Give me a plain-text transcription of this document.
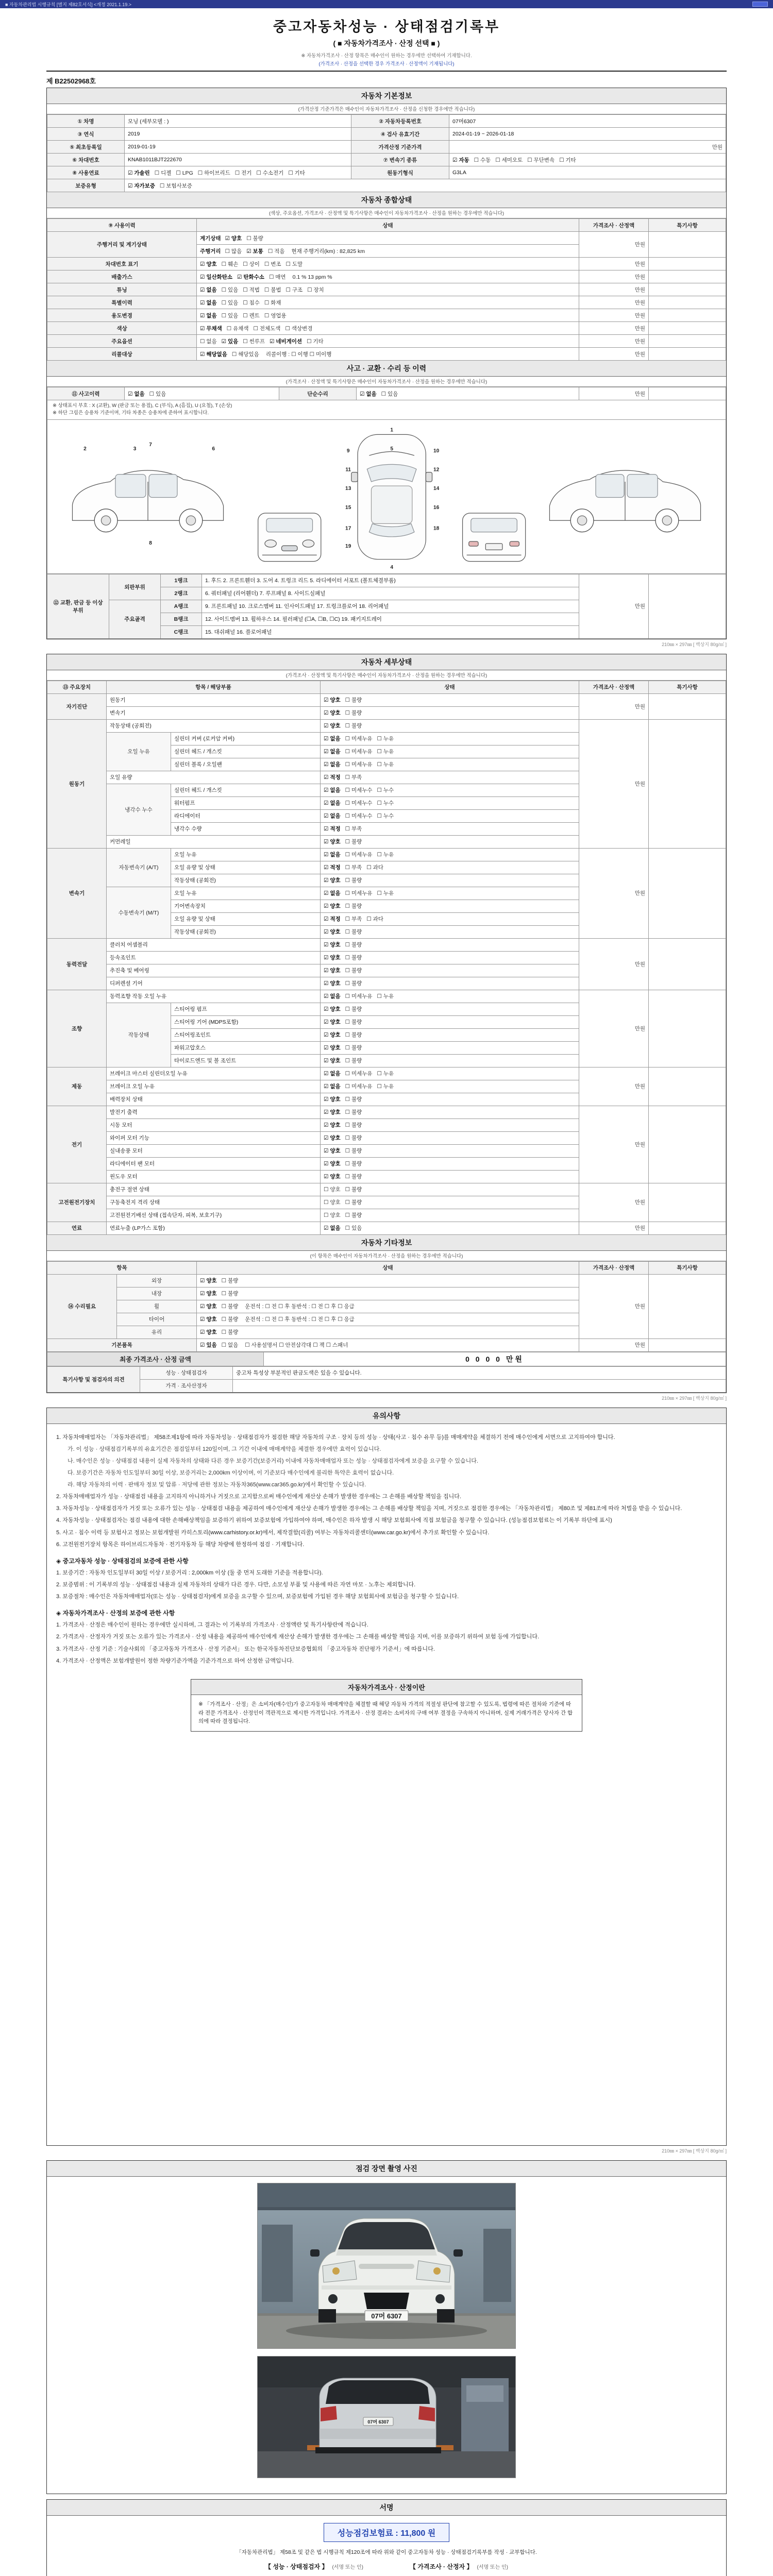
■ 자동차관리법 시행규칙 [별지 제82호서식] <개정 2021.1.19.>
중고자동차성능 · 상태점검기록부
( ■ 자동차가격조사 · 산정 선택 ■ )
※ 자동차가격조사 · 산정 항목은 매수인이 원하는 경우에만 선택하여 기재합니다.
(가격조사 · 산정을 선택한 경우 가격조사 · 산정액이 기재됩니다)
제 B22502968호
자동차 기본정보
(가격산정 기준가격은 매수인이 자동차가격조사 · 산정을 신청한 경우에만 적습니다)
① 차명	모닝 (세부모델 : )	② 자동차등록번호	07머6307
③ 연식	2019	④ 검사 유효기간	2024-01-19 ~ 2026-01-18
⑤ 최초등록일	2019-01-19	가격산정 기준가격	만원
⑥ 차대번호	KNAB1011BJT222670	⑦ 변속기 종류	☑ 자동 ☐ 수동 ☐ 세미오토 ☐ 무단변속 ☐ 기타
⑧ 사용연료	☑ 가솔린 ☐ 디젤 ☐ LPG ☐ 하이브리드 ☐ 전기 ☐ 수소전기 ☐ 기타	원동기형식	G3LA
보증유형	☑ 자가보증 ☐ 보험사보증		
자동차 종합상태
(색상, 주요옵션, 가격조사 · 산정액 및 특기사항은 매수인이 자동차가격조사 · 산정을 원하는 경우에만 적습니다)
⑨ 사용이력	상태	가격조사 · 산정액	특기사항
주행거리 및 계기상태	계기상태 ☑ 양호 ☐ 불량	만원	
	주행거리 ☐ 많음 ☑ 보통 ☐ 적음 현재 주행거리(km) : 82,825 km		
차대번호 표기	☑ 양호 ☐ 훼손 ☐ 상이 ☐ 변조 ☐ 도말	만원	
배출가스	☑ 일산화탄소 ☑ 탄화수소 ☐ 매연 0.1 % 13 ppm %	만원	
튜닝	☑ 없음 ☐ 있음 ☐ 적법 ☐ 불법 ☐ 구조 ☐ 장치	만원	
특별이력	☑ 없음 ☐ 있음 ☐ 침수 ☐ 화재	만원	
용도변경	☑ 없음 ☐ 있음 ☐ 렌트 ☐ 영업용	만원	
색상	☑ 무채색 ☐ 유채색 ☐ 전체도색 ☐ 색상변경	만원	
주요옵션	☐ 없음 ☑ 있음 ☐ 썬루프 ☑ 네비게이션 ☐ 기타	만원	
리콜대상	☑ 해당없음 ☐ 해당있음 리콜이행 : ☐ 이행 ☐ 미이행	만원	
사고 · 교환 · 수리 등 이력
(가격조사 · 산정액 및 특기사항은 매수인이 자동차가격조사 · 산정을 원하는 경우에만 적습니다)
⑪ 사고이력	☑ 없음 ☐ 있음	단순수리	☑ 없음 ☐ 있음	만원	
※ 상태표시 부호 : X (교환), W (판금 또는 용접), C (부식), A (흠집), U (요철), T (손상)
※ 하단 그림은 승용차 기준이며, 기타 차종은 승용차에 준하여 표시합니다.
2	3	6
7
8
1
5
9	10
11	12
13	14
15	16
17	18
19
4
⑫ 교환, 판금 등 이상 부위	외판부위	1랭크	1. 후드 2. 프론트휀더 3. 도어 4. 트렁크 리드 5. 라디에이터 서포트 (볼트체결부품)	만원	
		2랭크	6. 쿼터패널 (리어휀더) 7. 루프패널 8. 사이드실패널		
	주요골격	A랭크	9. 프론트패널 10. 크로스멤버 11. 인사이드패널 17. 트렁크플로어 18. 리어패널		
		B랭크	12. 사이드멤버 13. 휠하우스 14. 필러패널 (☐A, ☐B, ☐C) 19. 패키지트레이		
		C랭크	15. 대쉬패널 16. 플로어패널		
210㎜ × 297㎜ [ 백상지 80g/㎡ ]
자동차 세부상태
(가격조사 · 산정액 및 특기사항은 매수인이 자동차가격조사 · 산정을 원하는 경우에만 적습니다)
⑬ 주요장치	항목 / 해당부품		상태	가격조사 · 산정액	특기사항
자기진단	원동기		☑ 양호 ☐ 불량	만원	
	변속기		☑ 양호 ☐ 불량		
원동기	작동상태 (공회전)		☑ 양호 ☐ 불량	만원	
	오일 누유	실린더 커버 (로커암 커버)	☑ 없음 ☐ 미세누유 ☐ 누유		
		실린더 헤드 / 개스킷	☑ 없음 ☐ 미세누유 ☐ 누유		
		실린더 블록 / 오일팬	☑ 없음 ☐ 미세누유 ☐ 누유		
	오일 유량		☑ 적정 ☐ 부족		
	냉각수 누수	실린더 헤드 / 개스킷	☑ 없음 ☐ 미세누수 ☐ 누수		
		워터펌프	☑ 없음 ☐ 미세누수 ☐ 누수		
		라디에이터	☑ 없음 ☐ 미세누수 ☐ 누수		
		냉각수 수량	☑ 적정 ☐ 부족		
	커먼레일		☑ 양호 ☐ 불량		
변속기	자동변속기 (A/T)	오일 누유	☑ 없음 ☐ 미세누유 ☐ 누유	만원	
		오일 유량 및 상태	☑ 적정 ☐ 부족 ☐ 과다		
		작동상태 (공회전)	☑ 양호 ☐ 불량		
	수동변속기 (M/T)	오일 누유	☑ 없음 ☐ 미세누유 ☐ 누유		
		기어변속장치	☑ 양호 ☐ 불량		
		오일 유량 및 상태	☑ 적정 ☐ 부족 ☐ 과다		
		작동상태 (공회전)	☑ 양호 ☐ 불량		
동력전달	클러치 어셈블리		☑ 양호 ☐ 불량	만원	
	등속조인트		☑ 양호 ☐ 불량		
	추진축 및 베어링		☑ 양호 ☐ 불량		
	디퍼렌셜 기어		☑ 양호 ☐ 불량		
조향	동력조향 작동 오일 누유		☑ 없음 ☐ 미세누유 ☐ 누유	만원	
	작동상태	스티어링 펌프	☑ 양호 ☐ 불량		
		스티어링 기어 (MDPS포함)	☑ 양호 ☐ 불량		
		스티어링조인트	☑ 양호 ☐ 불량		
		파워고압호스	☑ 양호 ☐ 불량		
		타이로드엔드 및 볼 조인트	☑ 양호 ☐ 불량		
제동	브레이크 마스터 실린더오일 누유		☑ 없음 ☐ 미세누유 ☐ 누유	만원	
	브레이크 오일 누유		☑ 없음 ☐ 미세누유 ☐ 누유		
	배력장치 상태		☑ 양호 ☐ 불량		
전기	발전기 출력		☑ 양호 ☐ 불량	만원	
	시동 모터		☑ 양호 ☐ 불량		
	와이퍼 모터 기능		☑ 양호 ☐ 불량		
	실내송풍 모터		☑ 양호 ☐ 불량		
	라디에이터 팬 모터		☑ 양호 ☐ 불량		
	윈도우 모터		☑ 양호 ☐ 불량		
고전원전기장치	충전구 절연 상태		☐ 양호 ☐ 불량	만원	
	구동축전지 격리 상태		☐ 양호 ☐ 불량		
	고전원전기배선 상태 (접속단자, 피복, 보호기구)		☐ 양호 ☐ 불량		
연료	연료누출 (LP가스 포함)		☑ 없음 ☐ 있음	만원	
자동차 기타정보
(이 항목은 매수인이 자동차가격조사 · 산정을 원하는 경우에만 적습니다)
항목		상태	가격조사 · 산정액	특기사항
⑭ 수리필요	외장	☑ 양호 ☐ 불량	만원	
	내장	☑ 양호 ☐ 불량		
	휠	☑ 양호 ☐ 불량 운전석 : ☐ 전 ☐ 후 동반석 : ☐ 전 ☐ 후 ☐ 응급		
	타이어	☑ 양호 ☐ 불량 운전석 : ☐ 전 ☐ 후 동반석 : ☐ 전 ☐ 후 ☐ 응급		
	유리	☑ 양호 ☐ 불량		
기본품목		☑ 있음 ☐ 없음 ☐ 사용설명서 ☐ 안전삼각대 ☐ 잭 ☐ 스패너	만원	
최종 가격조사 · 산정 금액	0 0 0 0 만원
특기사항 및 점검자의 의견	성능 · 상태점검자	중고차 특성상 부분적인 판금도색은 있을 수 있습니다.
	가격 · 조사산정자	
210㎜ × 297㎜ [ 백상지 80g/㎡ ]
유의사항
1. 자동차매매업자는 「자동차관리법」 제58조제1항에 따라 자동차성능 · 상태점검자가 점검한 해당 자동차의 구조 · 장치 등의 성능 · 상태(사고 · 침수 유무 등)를 매매계약을 체결하기 전에 매수인에게 서면으로 고지하여야 합니다.
가. 이 성능 · 상태점검기록부의 유효기간은 점검일부터 120일이며, 그 기간 이내에 매매계약을 체결한 경우에만 효력이 있습니다.
나. 매수인은 성능 · 상태점검 내용이 실제 자동차의 상태와 다른 경우 보증기간(보증거리) 이내에 자동차매매업자 또는 성능 · 상태점검자에게 보증을 요구할 수 있습니다.
다. 보증기간은 자동차 인도일부터 30일 이상, 보증거리는 2,000km 이상이며, 이 기준보다 매수인에게 불리한 특약은 효력이 없습니다.
라. 해당 자동차의 이력 · 판매자 정보 및 압류 · 저당에 관한 정보는 자동차365(www.car365.go.kr)에서 확인할 수 있습니다.
2. 자동차매매업자가 성능 · 상태점검 내용을 고지하지 아니하거나 거짓으로 고지함으로써 매수인에게 재산상 손해가 발생한 경우에는 그 손해를 배상할 책임을 집니다.
3. 자동차성능 · 상태점검자가 거짓 또는 오류가 있는 성능 · 상태점검 내용을 제공하여 매수인에게 재산상 손해가 발생한 경우에는 그 손해를 배상할 책임을 지며, 거짓으로 점검한 경우에는 「자동차관리법」 제80조 및 제81조에 따라 처벌을 받을 수 있습니다.
4. 자동차성능 · 상태점검자는 점검 내용에 대한 손해배상책임을 보증하기 위하여 보증보험에 가입하여야 하며, 매수인은 하자 발생 시 해당 보험회사에 직접 보험금을 청구할 수 있습니다. (성능점검보험료는 이 기록부 하단에 표시)
5. 사고 · 침수 이력 등 보험사고 정보는 보험개발원 카히스토리(www.carhistory.or.kr)에서, 제작결함(리콜) 여부는 자동차리콜센터(www.car.go.kr)에서 추가로 확인할 수 있습니다.
6. 고전원전기장치 항목은 하이브리드자동차 · 전기자동차 등 해당 차량에 한정하여 점검 · 기재합니다.
◈ 중고자동차 성능 · 상태점검의 보증에 관한 사항
1. 보증기간 : 자동차 인도일부터 30일 이상 / 보증거리 : 2,000km 이상 (둘 중 먼저 도래한 기준을 적용합니다).
2. 보증범위 : 이 기록부의 성능 · 상태점검 내용과 실제 자동차의 상태가 다른 경우. 다만, 소모성 부품 및 사용에 따른 자연 마모 · 노후는 제외합니다.
3. 보증절차 : 매수인은 자동차매매업자(또는 성능 · 상태점검자)에게 보증을 요구할 수 있으며, 보증보험에 가입된 경우 해당 보험회사에 보험금을 청구할 수 있습니다.
◈ 자동차가격조사 · 산정의 보증에 관한 사항
1. 가격조사 · 산정은 매수인이 원하는 경우에만 실시하며, 그 결과는 이 기록부의 가격조사 · 산정액란 및 특기사항란에 적습니다.
2. 가격조사 · 산정자가 거짓 또는 오류가 있는 가격조사 · 산정 내용을 제공하여 매수인에게 재산상 손해가 발생한 경우에는 그 손해를 배상할 책임을 지며, 이를 보증하기 위하여 보험 등에 가입합니다.
3. 가격조사 · 산정 기준 : 기술사회의 「중고자동차 가격조사 · 산정 기준서」 또는 한국자동차진단보증협회의 「중고자동차 진단평가 기준서」에 따릅니다.
4. 가격조사 · 산정액은 보험개발원이 정한 차량기준가액을 기준가격으로 하여 산정한 금액입니다.
자동차가격조사 · 산정이란
※ 「가격조사 · 산정」은 소비자(매수인)가 중고자동차 매매계약을 체결할 때 해당 자동차 가격의 적절성 판단에 참고할 수 있도록, 법령에 따른 절차와 기준에 따라 전문 가격조사 · 산정인이 객관적으로 제시한 가격입니다. 가격조사 · 산정 결과는 소비자의 구매 여부 결정을 구속하지 아니하며, 실제 거래가격은 당사자 간 합의에 따라 결정됩니다.
210㎜ × 297㎜ [ 백상지 80g/㎡ ]
점검 장면 촬영 사진
07머 6307
07머 6307
서명
성능점검보험료 : 11,800 원
「자동차관리법」 제58조 및 같은 법 시행규칙 제120조에 따라 위와 같이 중고자동차 성능 · 상태점검기록부를 작성 · 교부합니다.
【 성능 · 상태점검자 】 (서명 또는 인)	【 가격조사 · 산정자 】 (서명 또는 인)
